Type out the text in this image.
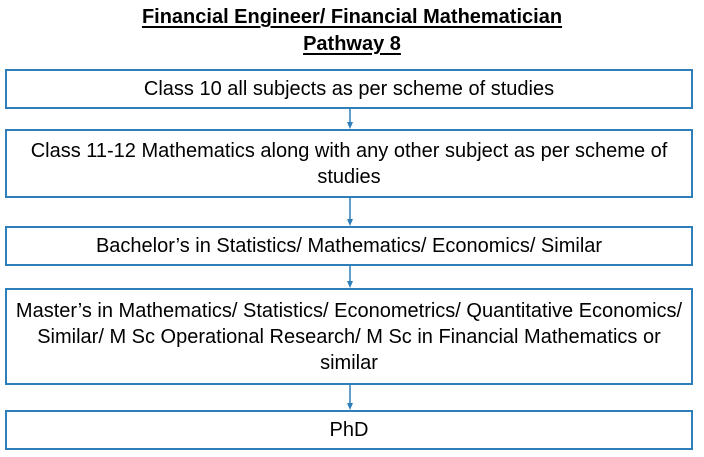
Financial Engineer/ Financial Mathematician
Pathway 8
Class 10 all subjects as per scheme of studies
Class 11-12 Mathematics along with any other subject as per scheme of studies
Bachelor’s in Statistics/ Mathematics/ Economics/ Similar
Master’s in Mathematics/ Statistics/ Econometrics/ Quantitative Economics/ Similar/ M Sc Operational Research/ M Sc in Financial Mathematics or similar
PhD
